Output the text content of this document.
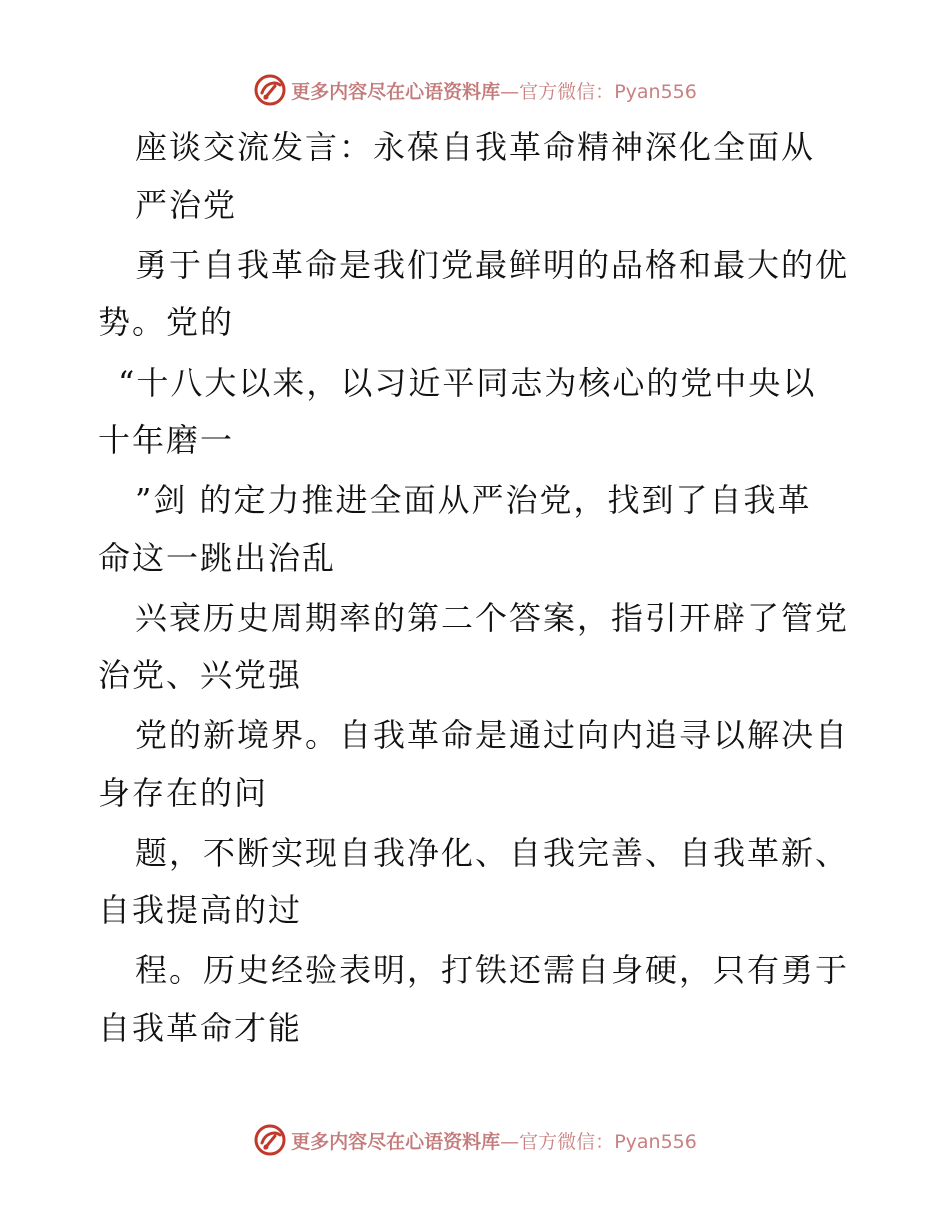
更多内容尽在心语资料库—官方微信：Pyan556
座谈交流发言：永葆自我革命精神深化全面从
严治党
勇于自我革命是我们党最鲜明的品格和最大的优
势。党的
“十八大以来，以习近平同志为核心的党中央以
十年磨一
”剑 的定力推进全面从严治党，找到了自我革
命这一跳出治乱
兴衰历史周期率的第二个答案，指引开辟了管党
治党、兴党强
党的新境界。自我革命是通过向内追寻以解决自
身存在的问
题，不断实现自我净化、自我完善、自我革新、
自我提高的过
程。历史经验表明，打铁还需自身硬，只有勇于
自我革命才能
更多内容尽在心语资料库—官方微信：Pyan556
